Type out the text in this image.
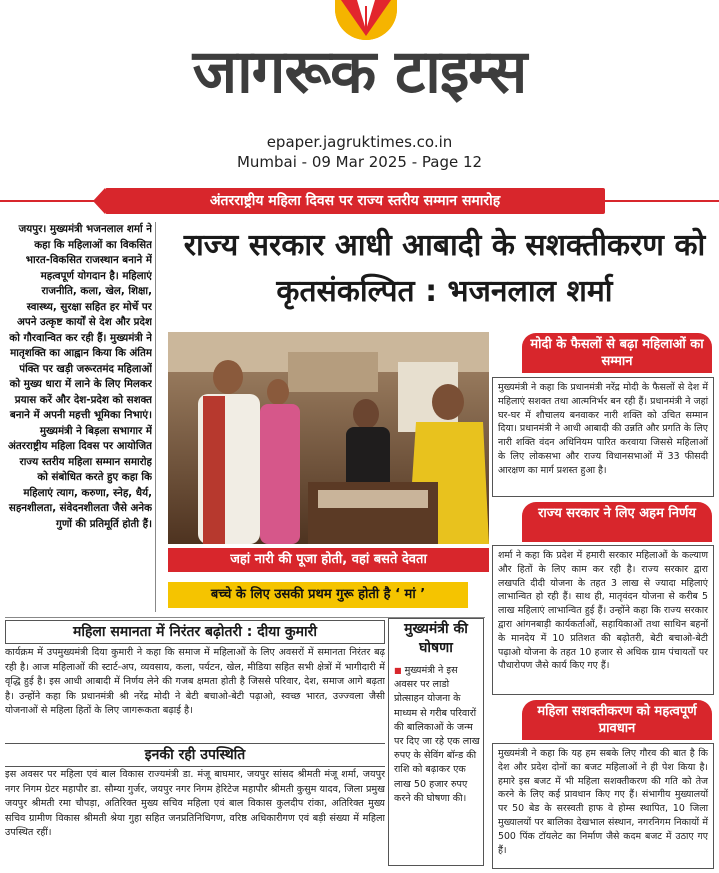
जागरूक टाइम्स
epaper.jagruktimes.co.in
Mumbai - 09 Mar 2025 - Page 12
अंतरराष्ट्रीय महिला दिवस पर राज्य स्तरीय सम्मान समारोह
राज्य सरकार आधी आबादी के सशक्तीकरण को कृतसंकल्पित : भजनलाल शर्मा
जयपुर। मुख्यमंत्री भजनलाल शर्मा ने कहा कि महिलाओं का विकसित भारत-विकसित राजस्थान बनाने में महत्वपूर्ण योगदान है। महिलाएं राजनीति, कला, खेल, शिक्षा, स्वास्थ्य, सुरक्षा सहित हर मोर्चे पर अपने उत्कृष्ट कार्यों से देश और प्रदेश को गौरवान्वित कर रही हैं। मुख्यमंत्री ने मातृशक्ति का आह्वान किया कि अंतिम पंक्ति पर खड़ी जरूरतमंद महिलाओं को मुख्य धारा में लाने के लिए मिलकर प्रयास करें और देश-प्रदेश को सशक्त बनाने में अपनी महत्ती भूमिका निभाएं। मुख्यमंत्री ने बिड़ला सभागार में अंतरराष्ट्रीय महिला दिवस पर आयोजित राज्य स्तरीय महिला सम्मान समारोह को संबोधित करते हुए कहा कि महिलाएं त्याग, करुणा, स्नेह, धैर्य, सहनशीलता, संवेदनशीलता जैसे अनेक गुणों की प्रतिमूर्ति होती हैं।
जहां नारी की पूजा होती, वहां बसते देवता
बच्चे के लिए उसकी प्रथम गुरू होती है ‘ मां ’
मोदी के फैसलों से बढ़ा महिलाओं का सम्मान
मुख्यमंत्री ने कहा कि प्रधानमंत्री नरेंद्र मोदी के फैसलों से देश में महिलाएं सशक्त तथा आत्मनिर्भर बन रही हैं। प्रधानमंत्री ने जहां घर-घर में शौचालय बनवाकर नारी शक्ति को उचित सम्मान दिया। प्रधानमंत्री ने आधी आबादी की उन्नति और प्रगति के लिए नारी शक्ति वंदन अधिनियम पारित करवाया जिससे महिलाओं के लिए लोकसभा और राज्य विधानसभाओं में 33 फीसदी आरक्षण का मार्ग प्रशस्त हुआ है।
राज्य सरकार ने लिए अहम निर्णय
शर्मा ने कहा कि प्रदेश में हमारी सरकार महिलाओं के कल्याण और हितों के लिए काम कर रही है। राज्य सरकार द्वारा लखपति दीदी योजना के तहत 3 लाख से ज्यादा महिलाएं लाभान्वित हो रही हैं। साथ ही, मातृवंदन योजना से करीब 5 लाख महिलाएं लाभान्वित हुई हैं। उन्होंने कहा कि राज्य सरकार द्वारा आंगनबाड़ी कार्यकर्ताओं, सहायिकाओं तथा साथिन बहनों के मानदेय में 10 प्रतिशत की बढ़ोतरी, बेटी बचाओ-बेटी पढ़ाओ योजना के तहत 10 हजार से अधिक ग्राम पंचायतों पर पौधारोपण जैसे कार्य किए गए हैं।
महिला सशक्तीकरण को महत्वपूर्ण प्रावधान
मुख्यमंत्री ने कहा कि यह हम सबके लिए गौरव की बात है कि देश और प्रदेश दोनों का बजट महिलाओं ने ही पेश किया है। हमारे इस बजट में भी महिला सशक्तीकरण की गति को तेज करने के लिए कई प्रावधान किए गए हैं। संभागीय मुख्यालयों पर 50 बेड के सरस्वती हाफ वे होम्स स्थापित, 10 जिला मुख्यालयों पर बालिका देखभाल संस्थान, नगरनिगम निकायों में 500 पिंक टॉयलेट का निर्माण जैसे कदम बजट में उठाए गए हैं।
महिला समानता में निरंतर बढ़ोतरी : दीया कुमारी
कार्यक्रम में उपमुख्यमंत्री दिया कुमारी ने कहा कि समाज में महिलाओं के लिए अवसरों में समानता निरंतर बढ़ रही है। आज महिलाओं की स्टार्ट-अप, व्यवसाय, कला, पर्यटन, खेल, मीडिया सहित सभी क्षेत्रों में भागीदारी में वृद्धि हुई है। इस आधी आबादी में निर्णय लेने की गजब क्षमता होती है जिससे परिवार, देश, समाज आगे बढ़ता है। उन्होंने कहा कि प्रधानमंत्री श्री नरेंद्र मोदी ने बेटी बचाओ-बेटी पढ़ाओ, स्वच्छ भारत, उज्ज्वला जैसी योजनाओं से महिला हितों के लिए जागरूकता बढ़ाई है।
इनकी रही उपस्थिति
इस अवसर पर महिला एवं बाल विकास राज्यमंत्री डा. मंजू बाघमार, जयपुर सांसद श्रीमती मंजू शर्मा, जयपुर नगर निगम ग्रेटर महापौर डा. सौम्या गुर्जर, जयपुर नगर निगम हेरिटेज महापौर श्रीमती कुसुम यादव, जिला प्रमुख जयपुर श्रीमती रमा चौपड़ा, अतिरिक्त मुख्य सचिव महिला एवं बाल विकास कुलदीप रांका, अतिरिक्त मुख्य सचिव ग्रामीण विकास श्रीमती श्रेया गुहा सहित जनप्रतिनिधिगण, वरिष्ठ अधिकारीगण एवं बड़ी संख्या में महिला उपस्थित रहीं।
मुख्यमंत्री की घोषणा
■ मुख्यमंत्री ने इस अवसर पर लाडो प्रोत्साहन योजना के माध्यम से गरीब परिवारों की बालिकाओं के जन्म पर दिए जा रहे एक लाख रुपए के सेविंग बॉन्ड की राशि को बढ़ाकर एक लाख 50 हजार रुपए करने की घोषणा की।
